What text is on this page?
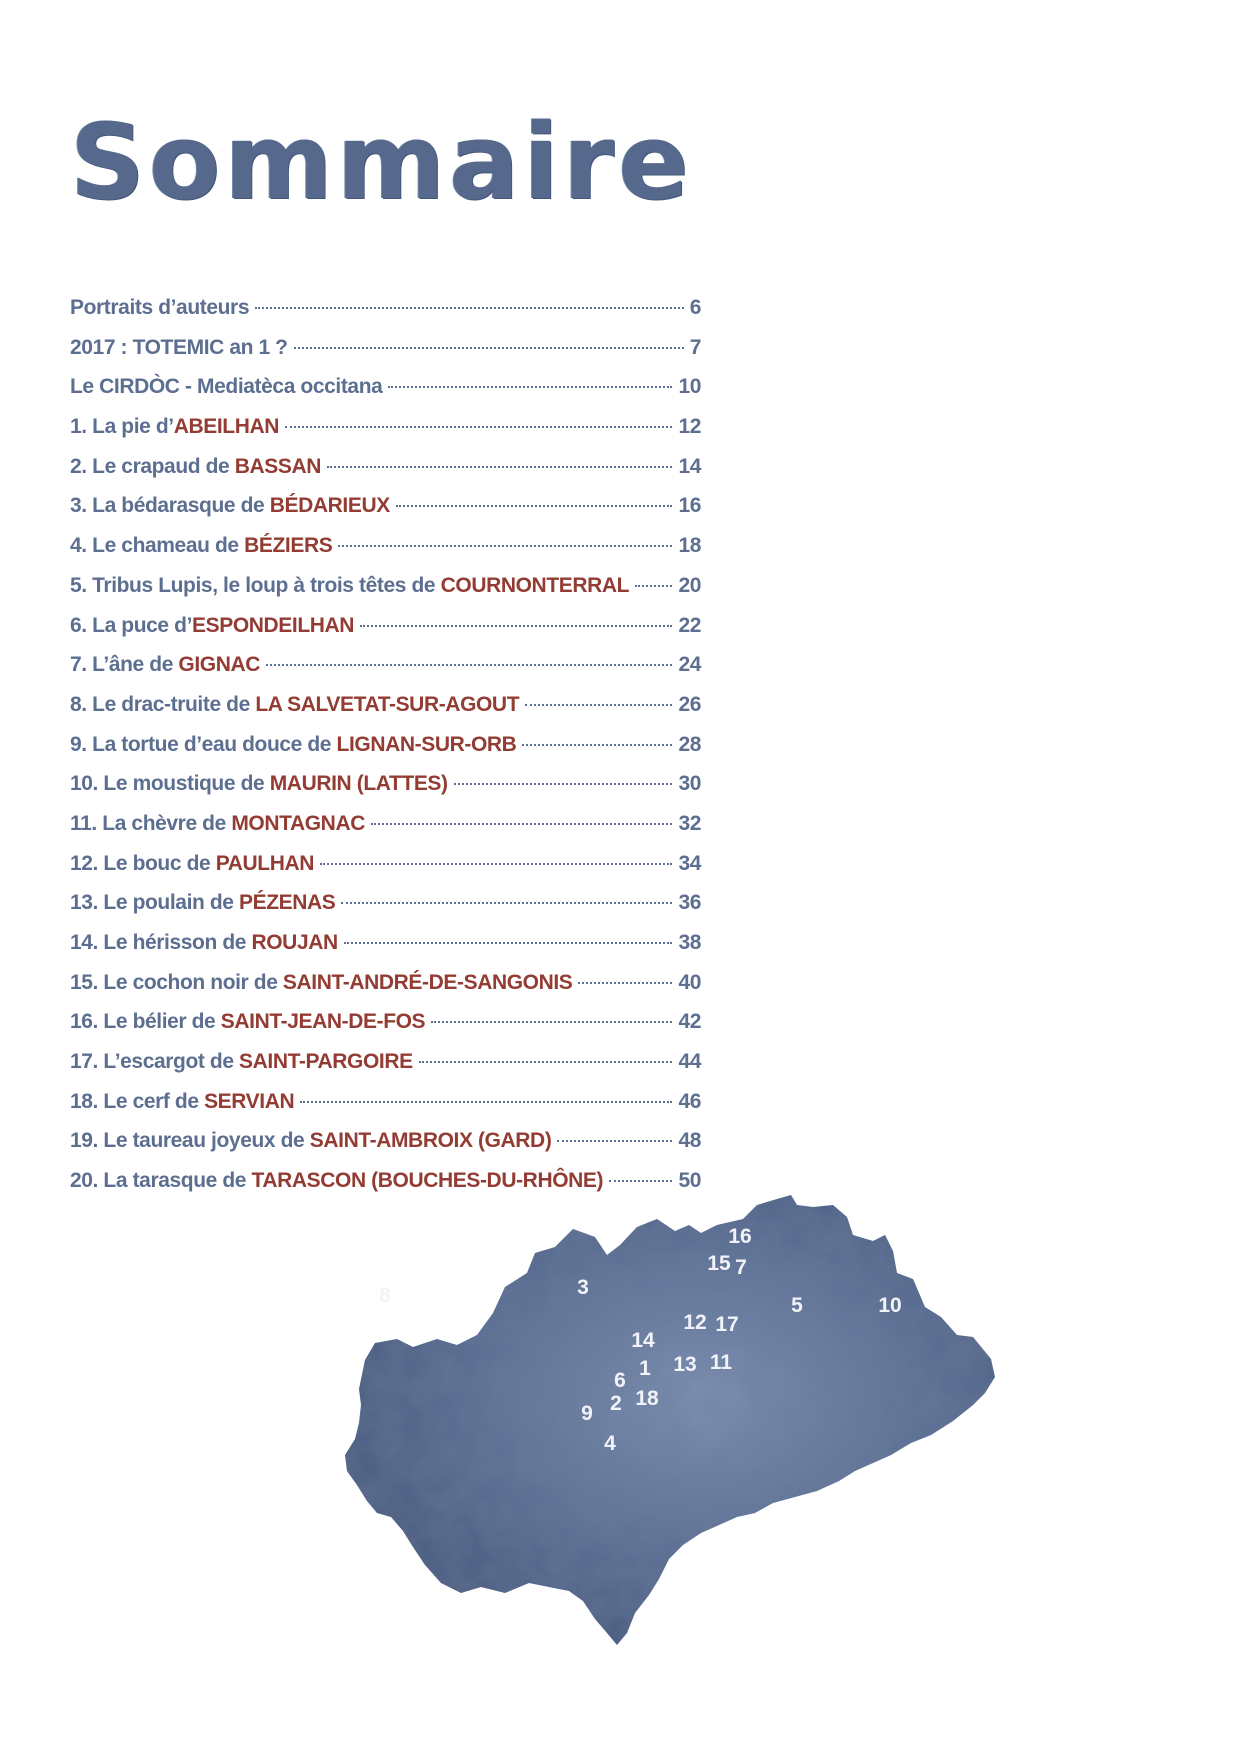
Sommaire
Portraits d’auteurs	6
2017 : TOTEMIC an 1 ?	7
Le CIRDÒC - Mediatèca occitana	10
1. La pie d’ABEILHAN	12
2. Le crapaud de BASSAN	14
3. La bédarasque de BÉDARIEUX	16
4. Le chameau de BÉZIERS	18
5. Tribus Lupis, le loup à trois têtes de COURNONTERRAL 20
6. La puce d’ESPONDEILHAN	22
7. L’âne de GIGNAC	24
8. Le drac-truite de LA SALVETAT-SUR-AGOUT	26
9. La tortue d’eau douce de LIGNAN-SUR-ORB	28
10. Le moustique de MAURIN (LATTES)	30
11. La chèvre de MONTAGNAC	32
12. Le bouc de PAULHAN	34
13. Le poulain de PÉZENAS	36
14. Le hérisson de ROUJAN	38
15. Le cochon noir de SAINT-ANDRÉ-DE-SANGONIS	40
16. Le bélier de SAINT-JEAN-DE-FOS	42
17. L’escargot de SAINT-PARGOIRE	44
18. Le cerf de SERVIAN	46
19. Le taureau joyeux de SAINT-AMBROIX (GARD)	48
20. La tarasque de TARASCON (BOUCHES-DU-RHÔNE)	50
16
15 7
3
8	5	10
12 17
14
1 13 11
6
2 18
9
4
